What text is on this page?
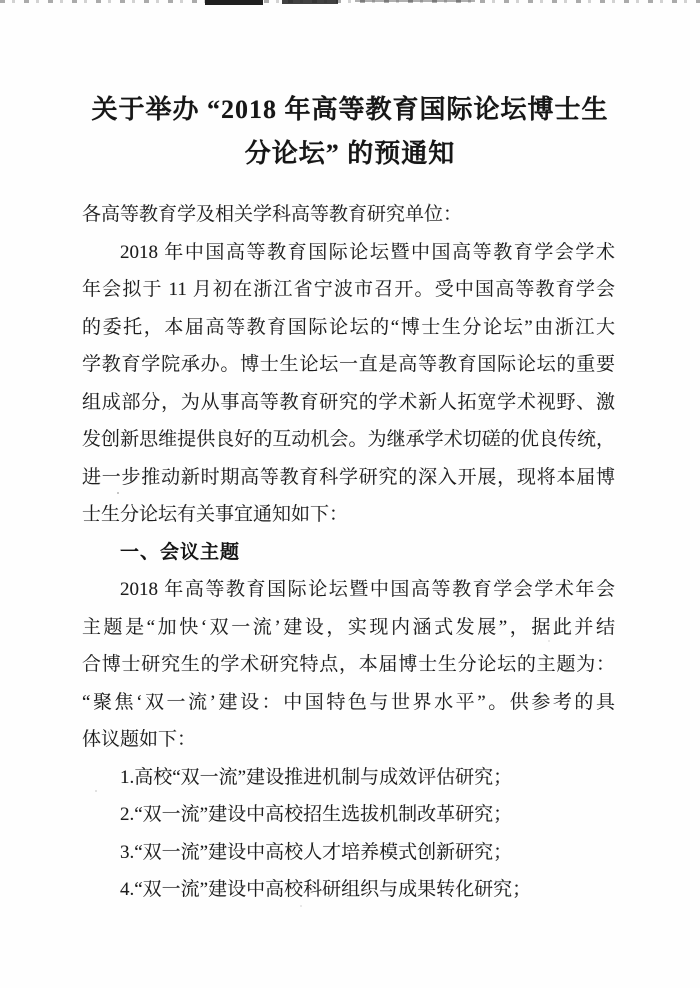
关于举办 “2018 年高等教育国际论坛博士生
分论坛” 的预通知
各高等教育学及相关学科高等教育研究单位：
2018 年中国高等教育国际论坛暨中国高等教育学会学术
年会拟于 11 月初在浙江省宁波市召开。受中国高等教育学会
的委托，本届高等教育国际论坛的“博士生分论坛”由浙江大
学教育学院承办。博士生论坛一直是高等教育国际论坛的重要
组成部分，为从事高等教育研究的学术新人拓宽学术视野、激
发创新思维提供良好的互动机会。为继承学术切磋的优良传统，
进一步推动新时期高等教育科学研究的深入开展，现将本届博
士生分论坛有关事宜通知如下：
一、会议主题
2018 年高等教育国际论坛暨中国高等教育学会学术年会
主题是“加快‘双一流’建设，实现内涵式发展”，据此并结
合博士研究生的学术研究特点，本届博士生分论坛的主题为：
“聚焦‘双一流’建设：中国特色与世界水平”。供参考的具
体议题如下：
1.高校“双一流”建设推进机制与成效评估研究；
2.“双一流”建设中高校招生选拔机制改革研究；
3.“双一流”建设中高校人才培养模式创新研究；
4.“双一流”建设中高校科研组织与成果转化研究；
